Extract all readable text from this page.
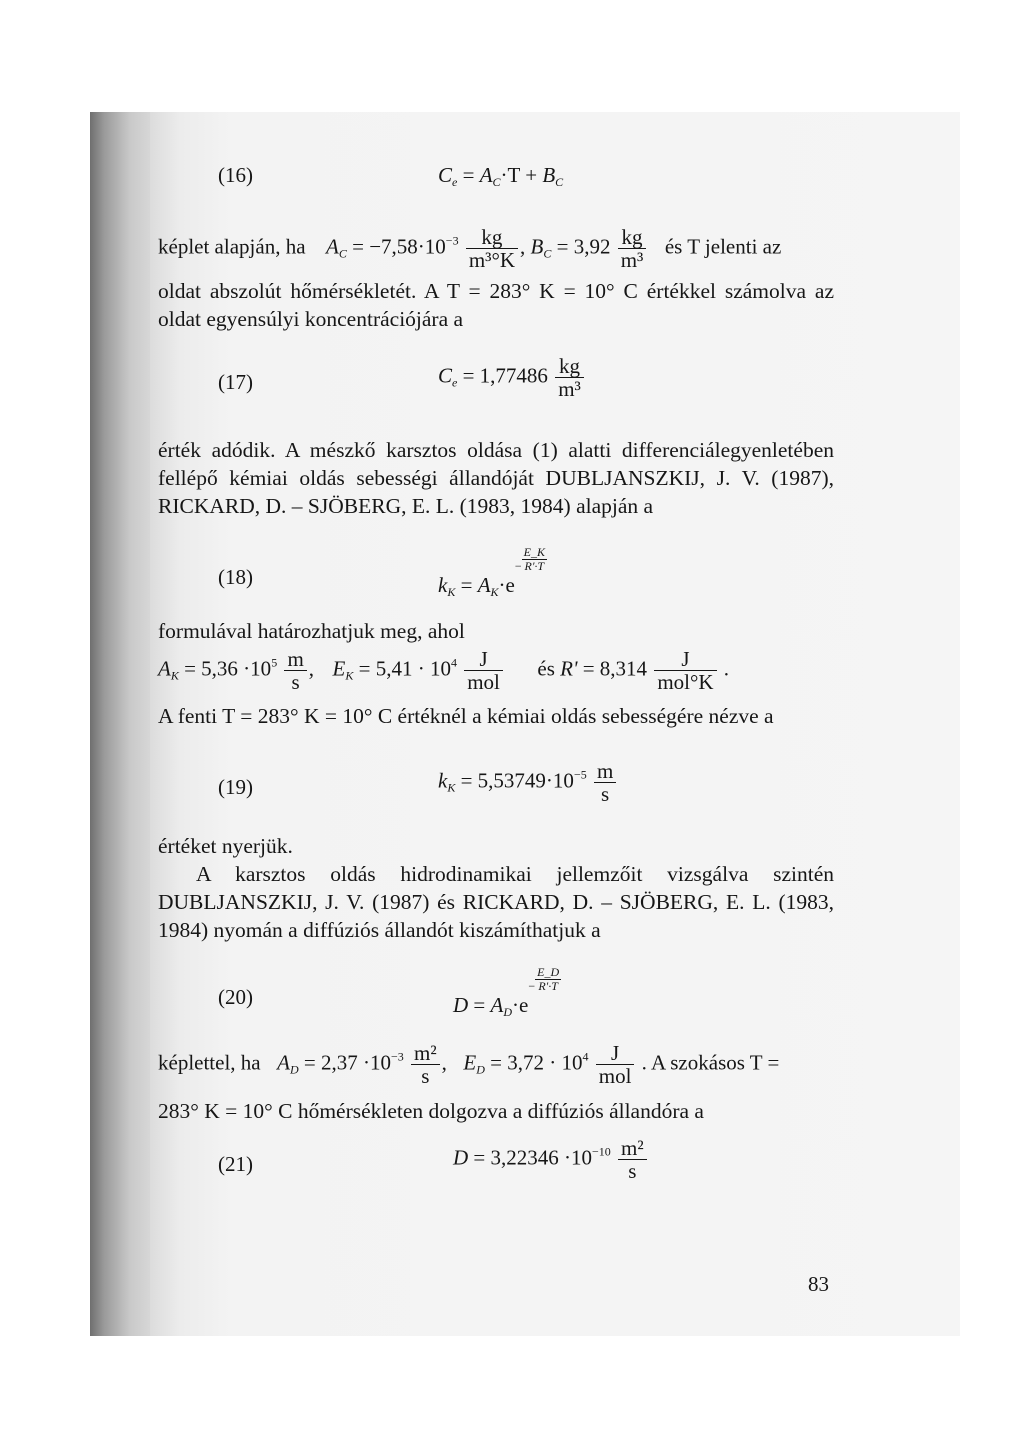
(16)	$C_e = A_C\cdot T + B_C$
képlet alapján, ha $A_C = -7,58\cdot 10^{-3} \frac{kg}{\text{m³°K}}$ , $B_C = 3,92 \frac{kg}{\text{m³}}$ és T jelenti az
oldat abszolút hőmérsékletét. A T = 283° K = 10° C értékkel számolva az oldat egyensúlyi koncentrációjára a
(17)	$C_e = 1,77486 \frac{kg}{\text{m³}}$
érték adódik. A mészkő karsztos oldása (1) alatti differenciálegyenletében
fellépő kémiai oldás sebességi állandóját DUBLJANSZKIJ, J. V. (1987),
RICKARD, D. – SJÖBERG, E. L. (1983, 1984) alapján a
(18)	$k_K = A_K\cdot e^- \frac{E\_K}{R'\cdot T}$
formulával határozhatjuk meg, ahol
$A_K = 5,36 \cdot 10^5 \frac{m}{s}$ ,  $E_K = 5,41 \cdot 10^4 \frac{J}{\text{mol}}$ és $R' = 8,314 \frac{J}{\text{mol°K}}$ .
A fenti T = 283° K = 10° C értéknél a kémiai oldás sebességére nézve a
(19)	$k_K = 5,53749\cdot 10^{-5} \frac{m}{s}$
értéket nyerjük.
A karsztos oldás hidrodinamikai jellemzőit vizsgálva szintén
DUBLJANSZKIJ, J. V. (1987) és RICKARD, D. – SJÖBERG, E. L. (1983,
1984) nyomán a diffúziós állandót kiszámíthatjuk a
(20)	$D = A_D\cdot e^- \frac{E\_D}{R'\cdot T}$
képlettel, ha $A_D = 2,37 \cdot 10^{-3} \frac{\text{m²}}{s}$ ,  $E_D = 3,72 \cdot 10^4 \frac{J}{\text{mol}}$ . A szokásos T =
283° K = 10° C hőmérsékleten dolgozva a diffúziós állandóra a
(21)	$D = 3,22346 \cdot 10^{-10} \frac{\text{m²}}{s}$
83
